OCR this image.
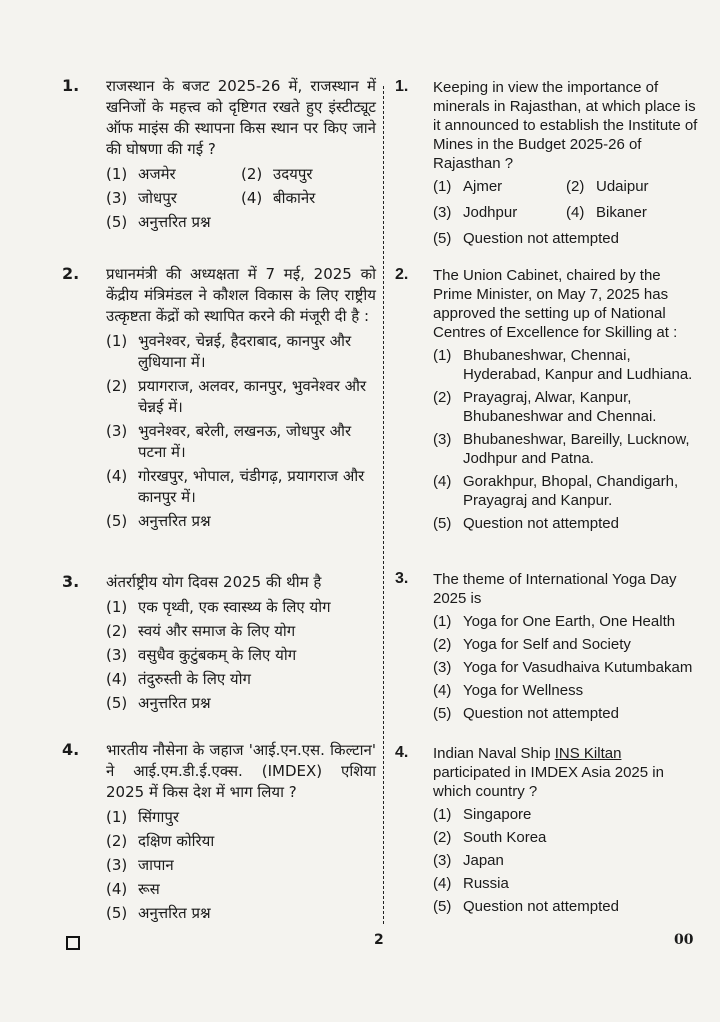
1. राजस्थान के बजट 2025-26 में, राजस्थान में खनिजों के महत्त्व को दृष्टिगत रखते हुए इंस्टीट्यूट ऑफ माइंस की स्थापना किस स्थान पर किए जाने की घोषणा की गई ?
(1) अजमेर	(2) उदयपुर
(3) जोधपुर	(4) बीकानेर
(5) अनुत्तरित प्रश्न
2. प्रधानमंत्री की अध्यक्षता में 7 मई, 2025 को केंद्रीय मंत्रिमंडल ने कौशल विकास के लिए राष्ट्रीय उत्कृष्टता केंद्रों को स्थापित करने की मंजूरी दी है :
(1) भुवनेश्वर, चेन्नई, हैदराबाद, कानपुर और लुधियाना में।
(2) प्रयागराज, अलवर, कानपुर, भुवनेश्वर और चेन्नई में।
(3) भुवनेश्वर, बरेली, लखनऊ, जोधपुर और पटना में।
(4) गोरखपुर, भोपाल, चंडीगढ़, प्रयागराज और कानपुर में।
(5) अनुत्तरित प्रश्न
3. अंतर्राष्ट्रीय योग दिवस 2025 की थीम है
(1) एक पृथ्वी, एक स्वास्थ्य के लिए योग
(2) स्वयं और समाज के लिए योग
(3) वसुधैव कुटुंबकम् के लिए योग
(4) तंदुरुस्ती के लिए योग
(5) अनुत्तरित प्रश्न
4. भारतीय नौसेना के जहाज 'आई.एन.एस. किल्टान' ने आई.एम.डी.ई.एक्स. (IMDEX) एशिया 2025 में किस देश में भाग लिया ?
(1) सिंगापुर
(2) दक्षिण कोरिया
(3) जापान
(4) रूस
(5) अनुत्तरित प्रश्न
1. Keeping in view the importance of minerals in Rajasthan, at which place is it announced to establish the Institute of Mines in the Budget 2025-26 of Rajasthan ?
(1) Ajmer	(2) Udaipur
(3) Jodhpur	(4) Bikaner
(5) Question not attempted
2. The Union Cabinet, chaired by the Prime Minister, on May 7, 2025 has approved the setting up of National Centres of Excellence for Skilling at :
(1) Bhubaneshwar, Chennai, Hyderabad, Kanpur and Ludhiana.
(2) Prayagraj, Alwar, Kanpur, Bhubaneshwar and Chennai.
(3) Bhubaneshwar, Bareilly, Lucknow, Jodhpur and Patna.
(4) Gorakhpur, Bhopal, Chandigarh, Prayagraj and Kanpur.
(5) Question not attempted
3. The theme of International Yoga Day 2025 is
(1) Yoga for One Earth, One Health
(2) Yoga for Self and Society
(3) Yoga for Vasudhaiva Kutumbakam
(4) Yoga for Wellness
(5) Question not attempted
4. Indian Naval Ship INS Kiltan participated in IMDEX Asia 2025 in which country ?
(1) Singapore
(2) South Korea
(3) Japan
(4) Russia
(5) Question not attempted
2	00
